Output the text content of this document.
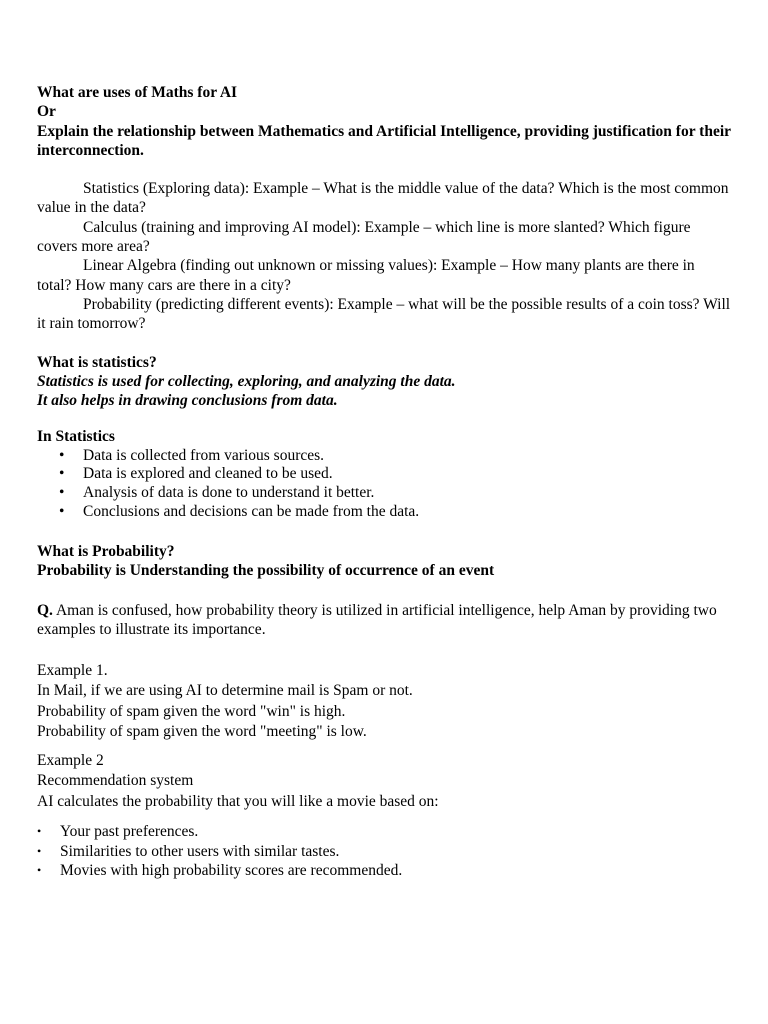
What are uses of Maths for AI
Or
Explain the relationship between Mathematics and Artificial Intelligence, providing justification for their interconnection.
Statistics (Exploring data): Example – What is the middle value of the data? Which is the most common value in the data?
Calculus (training and improving AI model): Example – which line is more slanted? Which figure covers more area?
Linear Algebra (finding out unknown or missing values): Example – How many plants are there in total? How many cars are there in a city?
Probability (predicting different events): Example – what will be the possible results of a coin toss? Will it rain tomorrow?
What is statistics?
Statistics is used for collecting, exploring, and analyzing the data.
It also helps in drawing conclusions from data.
In Statistics
• Data is collected from various sources.
• Data is explored and cleaned to be used.
• Analysis of data is done to understand it better.
• Conclusions and decisions can be made from the data.
What is Probability?
Probability is Understanding the possibility of occurrence of an event
Q. Aman is confused, how probability theory is utilized in artificial intelligence, help Aman by providing two examples to illustrate its importance.
Example 1.
In Mail, if we are using AI to determine mail is Spam or not.
Probability of spam given the word "win" is high.
Probability of spam given the word "meeting" is low.
Example 2
Recommendation system
AI calculates the probability that you will like a movie based on:
• Your past preferences.
• Similarities to other users with similar tastes.
• Movies with high probability scores are recommended.
